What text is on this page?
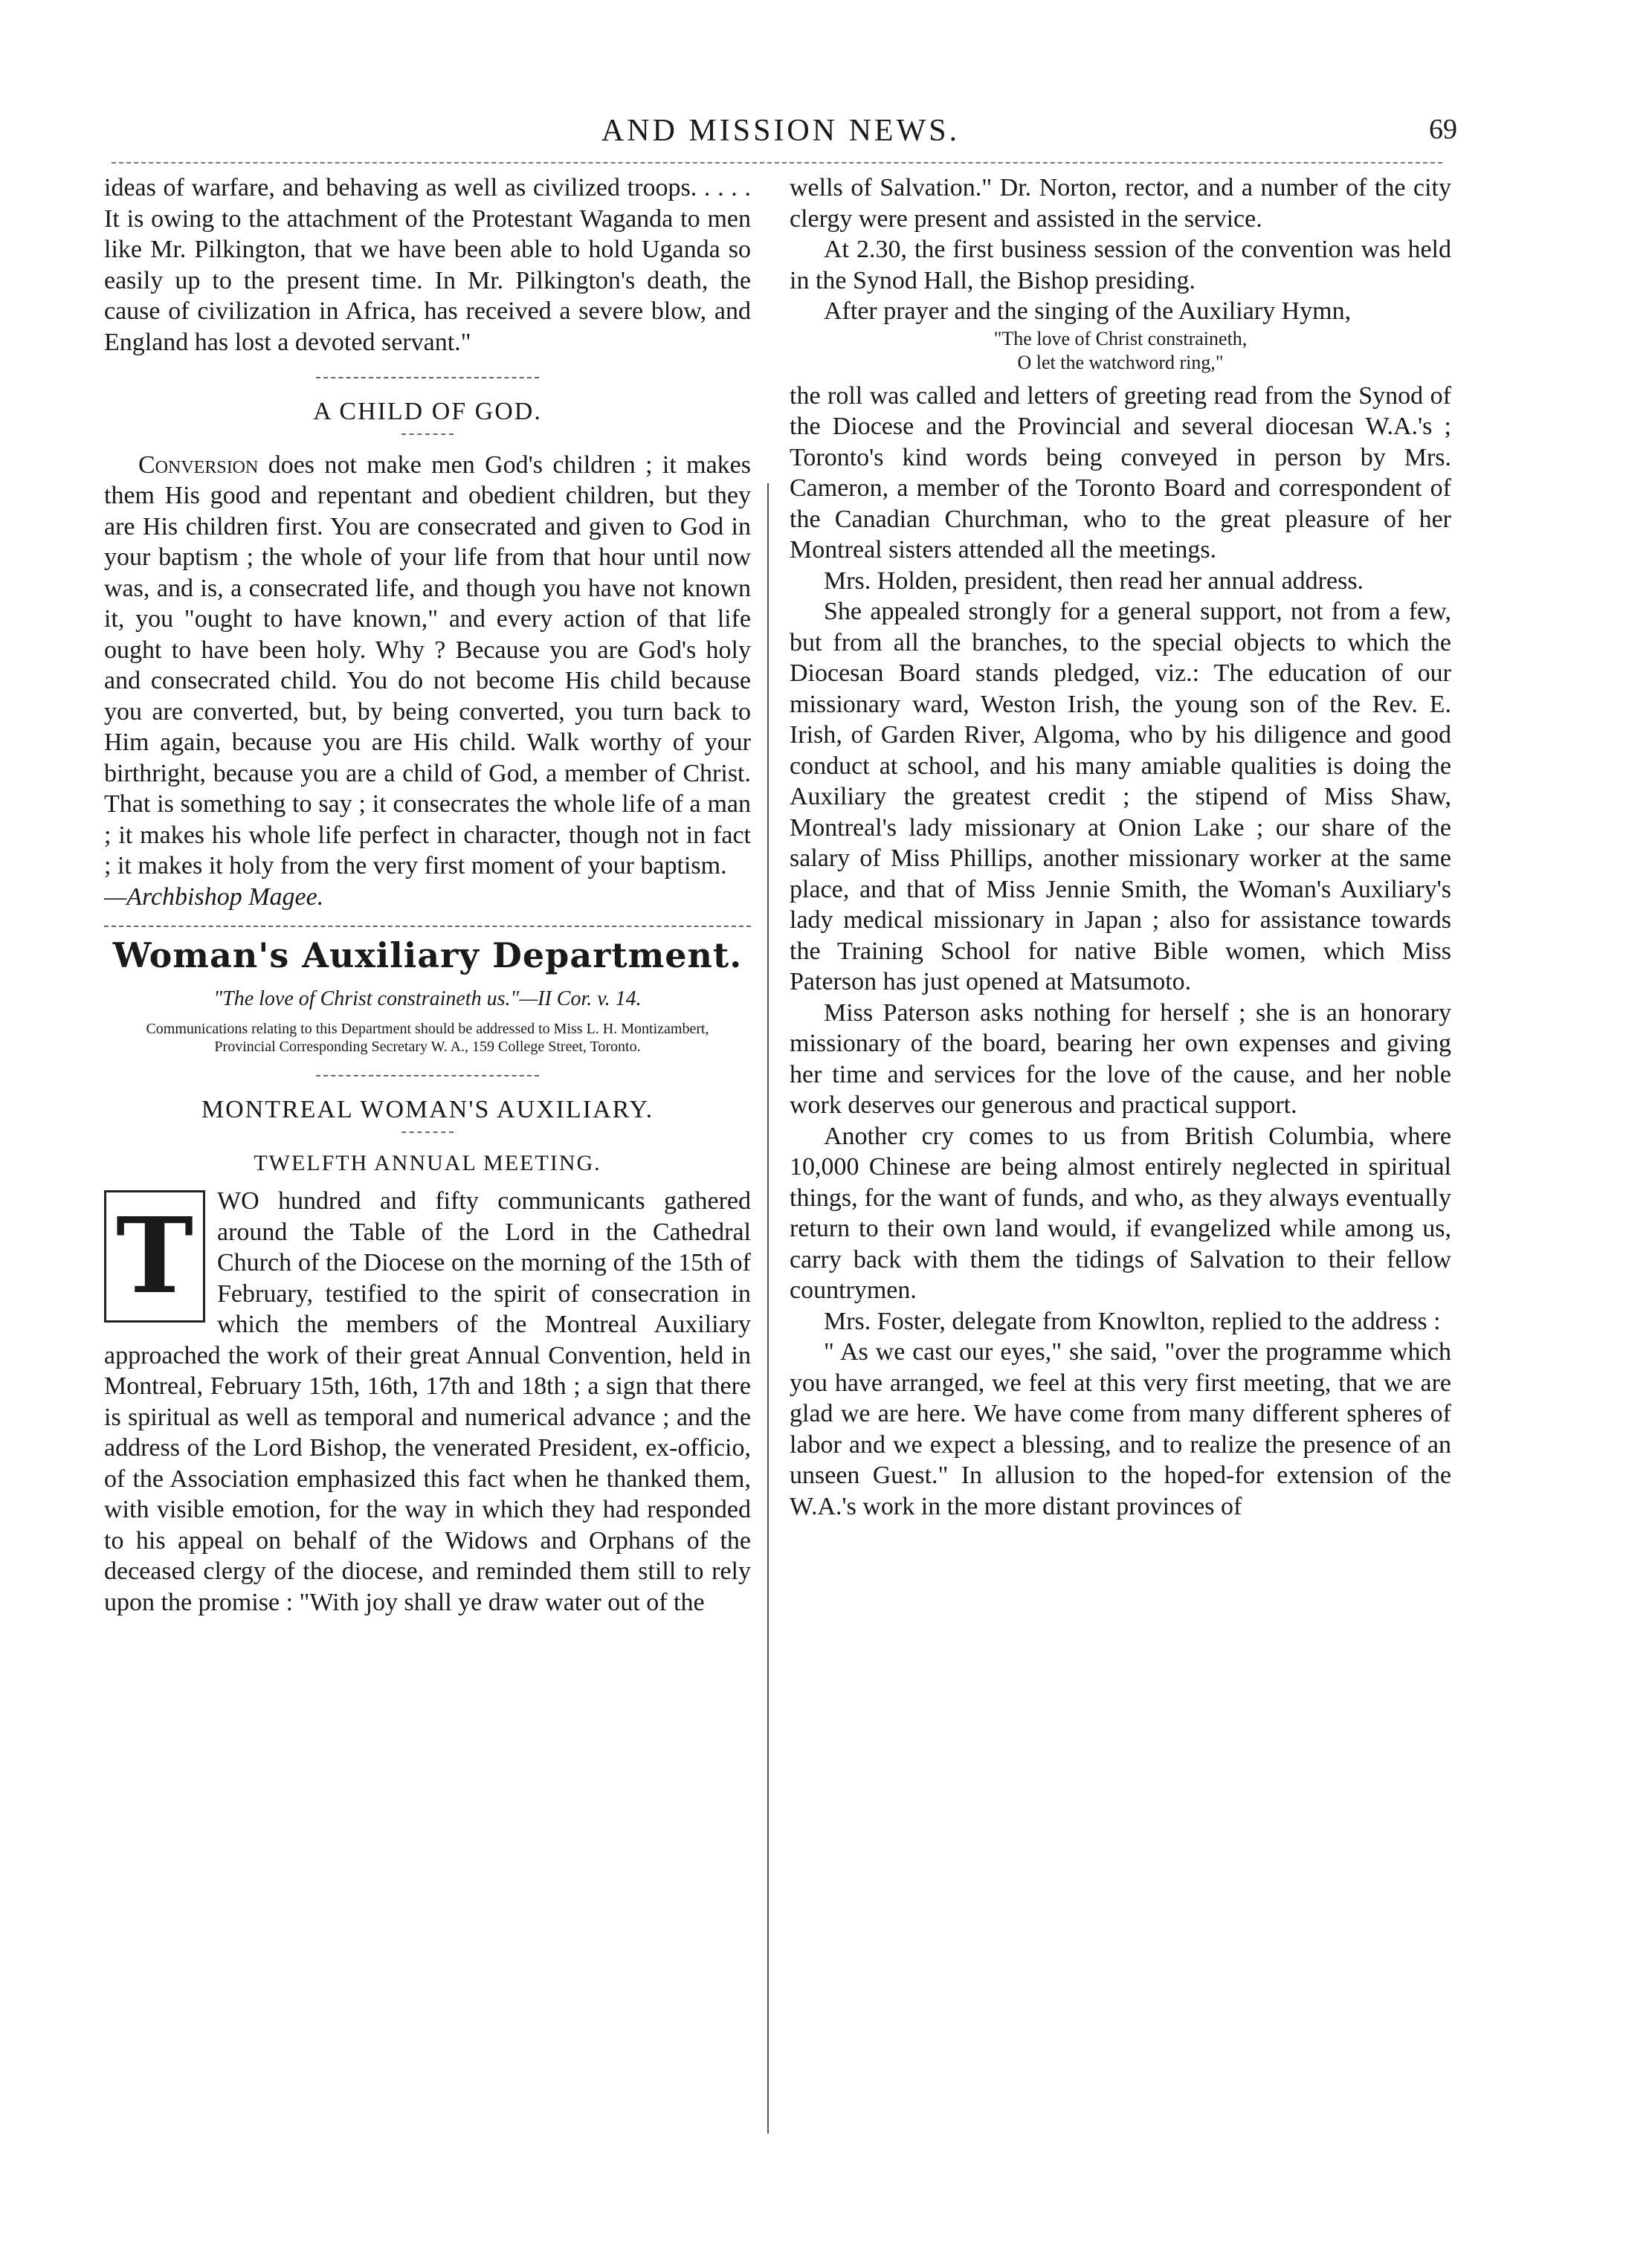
AND MISSION NEWS.	69

ideas of warfare, and behaving as well as civilized troops. . . . . It is owing to the attachment of the Protestant Waganda to men like Mr. Pilkington, that we have been able to hold Uganda so easily up to the present time. In Mr. Pilkington's death, the cause of civilization in Africa, has received a severe blow, and England has lost a devoted servant."

A CHILD OF GOD.

Conversion does not make men God's children ; it makes them His good and repentant and obedient children, but they are His children first. You are consecrated and given to God in your baptism ; the whole of your life from that hour until now was, and is, a consecrated life, and though you have not known it, you "ought to have known," and every action of that life ought to have been holy. Why ? Because you are God's holy and consecrated child. You do not become His child because you are converted, but, by being converted, you turn back to Him again, because you are His child. Walk worthy of your birthright, because you are a child of God, a member of Christ. That is something to say ; it consecrates the whole life of a man ; it makes his whole life perfect in character, though not in fact ; it makes it holy from the very first moment of your baptism.

—Archbishop Magee.

Woman's Auxiliary Department.
"The love of Christ constraineth us."—II Cor. v. 14.
Communications relating to this Department should be addressed to Miss L. H. Montizambert, Provincial Corresponding Secretary W. A., 159 College Street, Toronto.
MONTREAL WOMAN'S AUXILIARY.
TWELFTH ANNUAL MEETING.
T WO hundred and fifty communicants gathered around the Table of the Lord in the Cathedral Church of the Diocese on the morning of the 15th of February, testified to the spirit of consecration in which the members of the Montreal Auxiliary approached the work of their great Annual Convention, held in Montreal, February 15th, 16th, 17th and 18th ; a sign that there is spiritual as well as temporal and numerical advance ; and the address of the Lord Bishop, the venerated President, ex-officio, of the Association emphasized this fact when he thanked them, with visible emotion, for the way in which they had responded to his appeal on behalf of the Widows and Orphans of the deceased clergy of the diocese, and reminded them still to rely upon the promise : "With joy shall ye draw water out of the

wells of Salvation." Dr. Norton, rector, and a number of the city clergy were present and assisted in the service.

At 2.30, the first business session of the convention was held in the Synod Hall, the Bishop presiding.

After prayer and the singing of the Auxiliary Hymn,

"The love of Christ constraineth,
O let the watchword ring,"

the roll was called and letters of greeting read from the Synod of the Diocese and the Provincial and several diocesan W.A.'s ; Toronto's kind words being conveyed in person by Mrs. Cameron, a member of the Toronto Board and correspondent of the Canadian Churchman, who to the great pleasure of her Montreal sisters attended all the meetings.

Mrs. Holden, president, then read her annual address.

She appealed strongly for a general support, not from a few, but from all the branches, to the special objects to which the Diocesan Board stands pledged, viz.: The education of our missionary ward, Weston Irish, the young son of the Rev. E. Irish, of Garden River, Algoma, who by his diligence and good conduct at school, and his many amiable qualities is doing the Auxiliary the greatest credit ; the stipend of Miss Shaw, Montreal's lady missionary at Onion Lake ; our share of the salary of Miss Phillips, another missionary worker at the same place, and that of Miss Jennie Smith, the Woman's Auxiliary's lady medical missionary in Japan ; also for assistance towards the Training School for native Bible women, which Miss Paterson has just opened at Matsumoto.

Miss Paterson asks nothing for herself ; she is an honorary missionary of the board, bearing her own expenses and giving her time and services for the love of the cause, and her noble work deserves our generous and practical support.

Another cry comes to us from British Columbia, where 10,000 Chinese are being almost entirely neglected in spiritual things, for the want of funds, and who, as they always eventually return to their own land would, if evangelized while among us, carry back with them the tidings of Salvation to their fellow countrymen.

Mrs. Foster, delegate from Knowlton, replied to the address :

" As we cast our eyes," she said, "over the programme which you have arranged, we feel at this very first meeting, that we are glad we are here. We have come from many different spheres of labor and we expect a blessing, and to realize the presence of an unseen Guest." In allusion to the hoped-for extension of the W.A.'s work in the more distant provinces of
